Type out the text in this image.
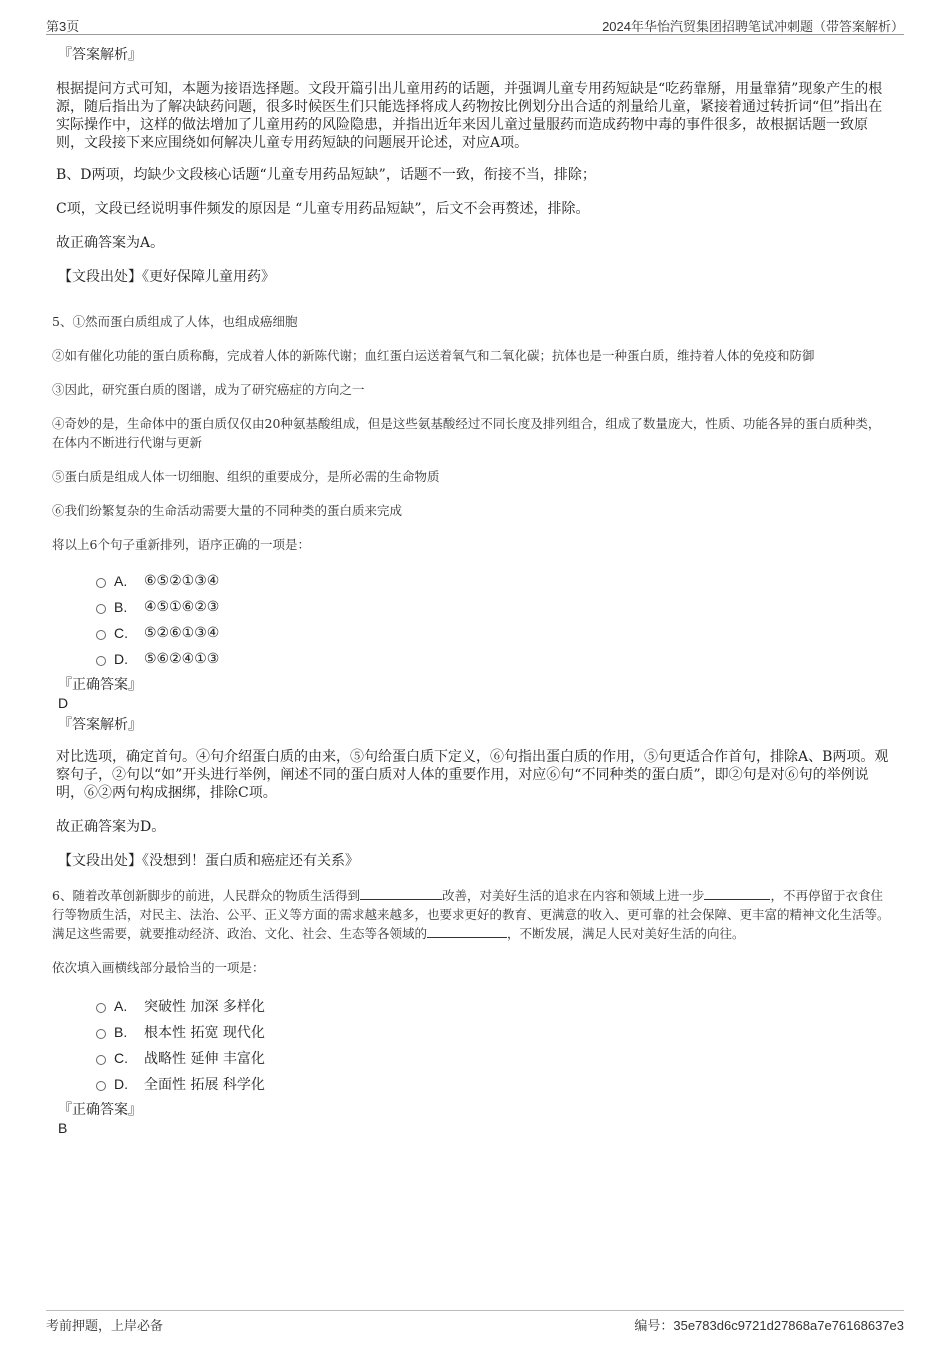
第3页	2024年华怡汽贸集团招聘笔试冲刺题（带答案解析）
『答案解析』
根据提问方式可知，本题为接语选择题。文段开篇引出儿童用药的话题，并强调儿童专用药短缺是“吃药靠掰，用量靠猜”现象产生的根源，随后指出为了解决缺药问题，很多时候医生们只能选择将成人药物按比例划分出合适的剂量给儿童，紧接着通过转折词“但”指出在实际操作中，这样的做法增加了儿童用药的风险隐患，并指出近年来因儿童过量服药而造成药物中毒的事件很多，故根据话题一致原则，文段接下来应围绕如何解决儿童专用药短缺的问题展开论述，对应A项。
B、D两项，均缺少文段核心话题“儿童专用药品短缺”，话题不一致，衔接不当，排除；
C项，文段已经说明事件频发的原因是 “儿童专用药品短缺”，后文不会再赘述，排除。
故正确答案为A。
【文段出处】《更好保障儿童用药》
5、①然而蛋白质组成了人体，也组成癌细胞
②如有催化功能的蛋白质称酶，完成着人体的新陈代谢；血红蛋白运送着氧气和二氧化碳；抗体也是一种蛋白质，维持着人体的免疫和防御
③因此，研究蛋白质的图谱，成为了研究癌症的方向之一
④奇妙的是，生命体中的蛋白质仅仅由20种氨基酸组成，但是这些氨基酸经过不同长度及排列组合，组成了数量庞大，性质、功能各异的蛋白质种类，在体内不断进行代谢与更新
⑤蛋白质是组成人体一切细胞、组织的重要成分，是所必需的生命物质
⑥我们纷繁复杂的生命活动需要大量的不同种类的蛋白质来完成
将以上6个句子重新排列，语序正确的一项是：
A.	⑥⑤②①③④
B.	④⑤①⑥②③
C.	⑤②⑥①③④
D.	⑤⑥②④①③
『正确答案』
D
『答案解析』
对比选项，确定首句。④句介绍蛋白质的由来，⑤句给蛋白质下定义，⑥句指出蛋白质的作用，⑤句更适合作首句，排除A、B两项。观察句子，②句以“如”开头进行举例，阐述不同的蛋白质对人体的重要作用，对应⑥句“不同种类的蛋白质”，即②句是对⑥句的举例说明，⑥②两句构成捆绑，排除C项。
故正确答案为D。
【文段出处】《没想到！蛋白质和癌症还有关系》
6、随着改革创新脚步的前进，人民群众的物质生活得到	改善，对美好生活的追求在内容和领域上进一步	，不再停留于衣食住行等物质生活，对民主、法治、公平、正义等方面的需求越来越多，也要求更好的教育、更满意的收入、更可靠的社会保障、更丰富的精神文化生活等。满足这些需要，就要推动经济、政治、文化、社会、生态等各领域的	，不断发展，满足人民对美好生活的向往。
依次填入画横线部分最恰当的一项是：
A.	突破性 加深 多样化
B.	根本性 拓宽 现代化
C.	战略性 延伸 丰富化
D.	全面性 拓展 科学化
『正确答案』
B
考前押题，上岸必备	编号：35e783d6c9721d27868a7e76168637e3
